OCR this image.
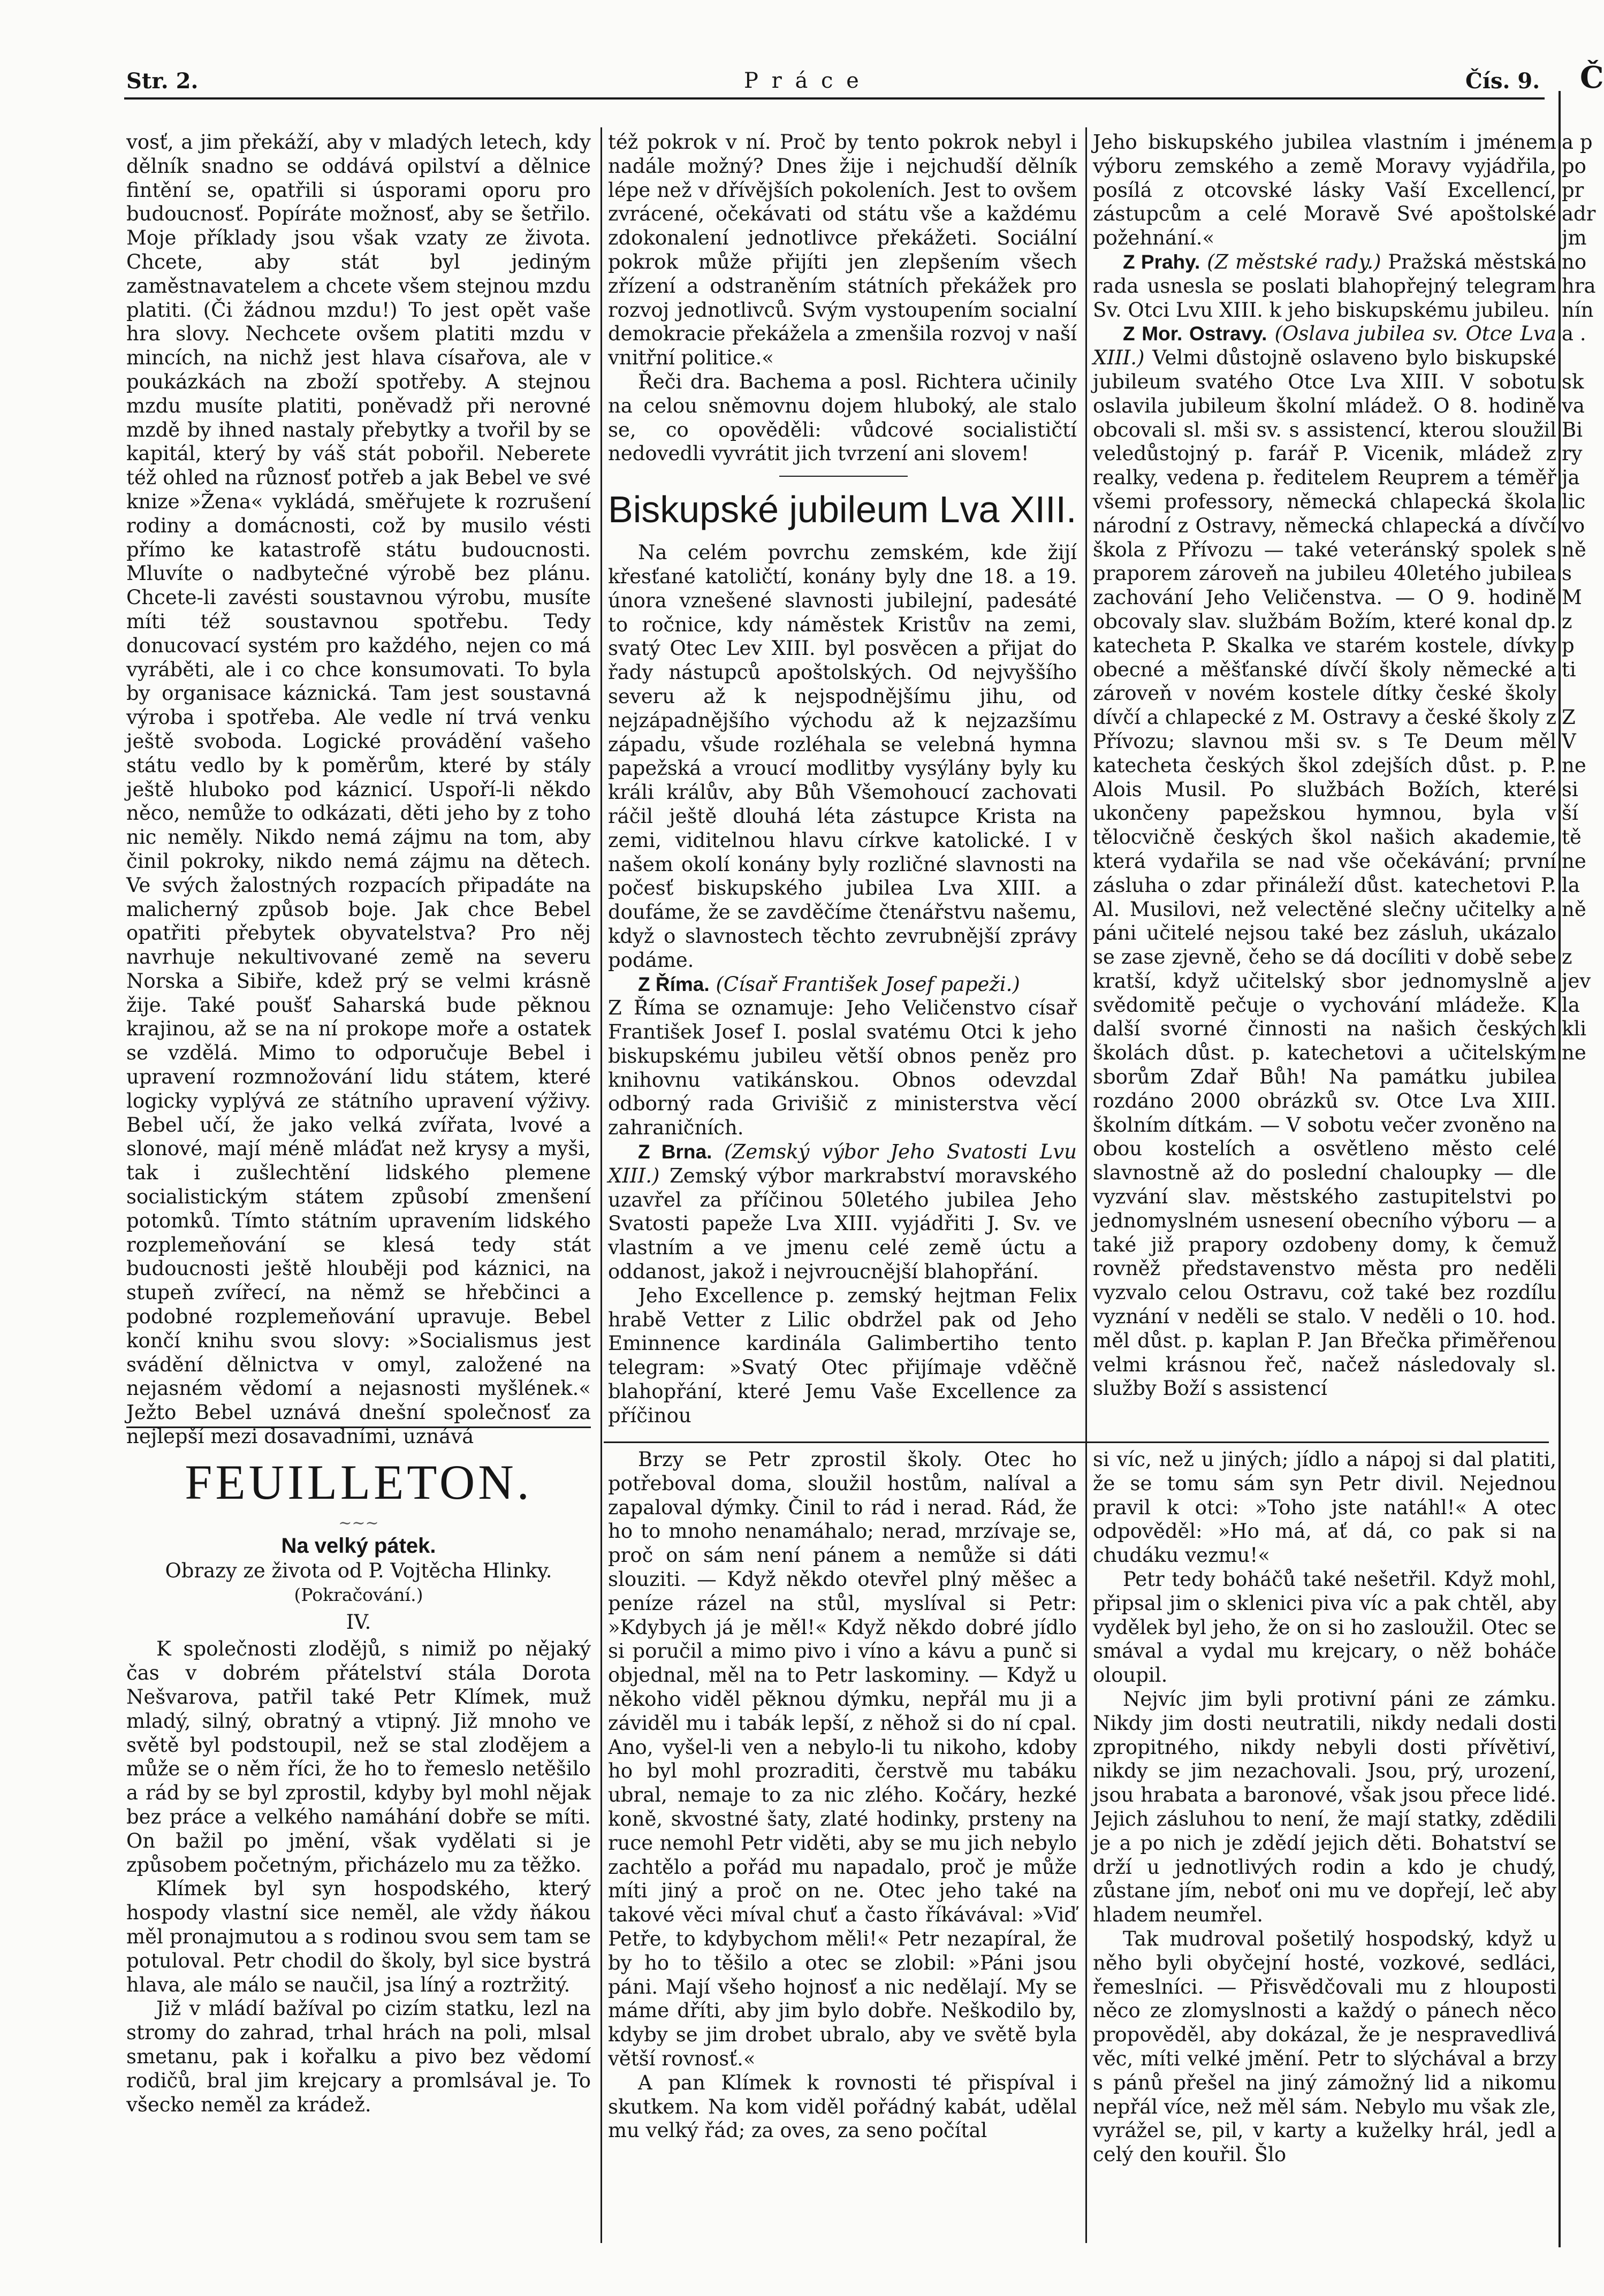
Str. 2.	P r á c e	Čís. 9. Č

vosť, a jim překáží, aby v mladých letech, kdy dělník snadno se oddává opilství a dělnice fintění se, opatřili si úsporami oporu pro budoucnosť. Popíráte možnosť, aby se šetřilo. Moje příklady jsou však vzaty ze života. Chcete, aby stát byl jediným zaměstnavatelem a chcete všem stejnou mzdu platiti. (Či žádnou mzdu!) To jest opět vaše hra slovy. Nechcete ovšem platiti mzdu v mincích, na nichž jest hlava císařova, ale v poukázkách na zboží spotřeby. A stejnou mzdu musíte platiti, poněvadž při nerovné mzdě by ihned nastaly přebytky a tvořil by se kapitál, který by váš stát pobořil. Neberete též ohled na různosť potřeb a jak Bebel ve své knize »Žena« vykládá, směřujete k rozrušení rodiny a domácnosti, což by musilo vésti přímo ke katastrofě státu budoucnosti. Mluvíte o nadbytečné výrobě bez plánu. Chcete-li zavésti soustavnou výrobu, musíte míti též soustavnou spotřebu. Tedy donucovací systém pro každého, nejen co má vyráběti, ale i co chce konsumovati. To byla by organisace káznická. Tam jest soustavná výroba i spotřeba. Ale vedle ní trvá venku ještě svoboda. Logické provádění vašeho státu vedlo by k poměrům, které by stály ještě hluboko pod káznicí. Uspoří-li někdo něco, nemůže to odkázati, děti jeho by z toho nic neměly. Nikdo nemá zájmu na tom, aby činil pokroky, nikdo nemá zájmu na dětech. Ve svých žalostných rozpacích připadáte na malicherný způsob boje. Jak chce Bebel opatřiti přebytek obyvatelstva? Pro něj navrhuje nekultivované země na severu Norska a Sibiře, kdež prý se velmi krásně žije. Také poušť Saharská bude pěknou krajinou, až se na ní prokope moře a ostatek se vzdělá. Mimo to odporučuje Bebel i upravení rozmnožování lidu státem, které logicky vyplývá ze státního upravení výživy. Bebel učí, že jako velká zvířata, lvové a slonové, mají méně mláďat než krysy a myši, tak i zušlechtění lidského plemene socialistickým státem způsobí zmenšení potomků. Tímto státním upravením lidského rozplemeňování se klesá tedy stát budoucnosti ještě hlouběji pod káznici, na stupeň zvířecí, na němž se hřebčinci a podobné rozplemeňování upravuje. Bebel končí knihu svou slovy: »Socialismus jest svádění dělnictva v omyl, založené na nejasném vědomí a nejasnosti myšlének.« Ježto Bebel uznává dnešní společnosť za nejlepší mezi dosavadními, uznává

FEUILLETON.

~~~

Na velký pátek.

Obrazy ze života od P. Vojtěcha Hlinky.

(Pokračování.)

IV.

K společnosti zlodějů, s nimiž po nějaký čas v dobrém přátelství stála Dorota Nešvarova, patřil také Petr Klímek, muž mladý, silný, obratný a vtipný. Již mnoho ve světě byl podstoupil, než se stal zlodějem a může se o něm říci, že ho to řemeslo netěšilo a rád by se byl zprostil, kdyby byl mohl nějak bez práce a velkého namáhání dobře se míti. On bažil po jmění, však vydělati si je způsobem početným, přicházelo mu za těžko.

Klímek byl syn hospodského, který hospody vlastní sice neměl, ale vždy ňákou měl pronajmutou a s rodinou svou sem tam se potuloval. Petr chodil do školy, byl sice bystrá hlava, ale málo se naučil, jsa líný a roztržitý.

Již v mládí bažíval po cizím statku, lezl na stromy do zahrad, trhal hrách na poli, mlsal smetanu, pak i kořalku a pivo bez vědomí rodičů, bral jim krejcary a promlsával je. To všecko neměl za krádež.

též pokrok v ní. Proč by tento pokrok nebyl i nadále možný? Dnes žije i nejchudší dělník lépe než v dřívějších pokoleních. Jest to ovšem zvrácené, očekávati od státu vše a každému zdokonalení jednotlivce překážeti. Sociální pokrok může přijíti jen zlepšením všech zřízení a odstraněním státních překážek pro rozvoj jednotlivců. Svým vystoupením socialní demokracie překážela a zmenšila rozvoj v naší vnitřní politice.«

Řeči dra. Bachema a posl. Richtera učinily na celou sněmovnu dojem hluboký, ale stalo se, co opověděli: vůdcové socialističtí nedovedli vyvrátit jich tvrzení ani slovem!

Biskupské jubileum Lva XIII.

Na celém povrchu zemském, kde žijí křesťané katoličtí, konány byly dne 18. a 19. února vznešené slavnosti jubilejní, padesáté to ročnice, kdy náměstek Kristův na zemi, svatý Otec Lev XIII. byl posvěcen a přijat do řady nástupců apoštolských. Od nejvyššího severu až k nejspodnějšímu jihu, od nejzápadnějšího východu až k nejzazšímu západu, všude rozléhala se velebná hymna papežská a vroucí modlitby vysýlány byly ku králi králův, aby Bůh Všemohoucí zachovati ráčil ještě dlouhá léta zástupce Krista na zemi, viditelnou hlavu církve katolické. I v našem okolí konány byly rozličné slavnosti na počesť biskupského jubilea Lva XIII. a doufáme, že se zavděčíme čtenářstvu našemu, když o slavnostech těchto zevrubnější zprávy podáme.

Z Říma. (Císař František Josef papeži.)

Z Říma se oznamuje: Jeho Veličenstvo císař František Josef I. poslal svatému Otci k jeho biskupskému jubileu větší obnos peněz pro knihovnu vatikánskou. Obnos odevzdal odborný rada Grivišič z ministerstva věcí zahraničních.

Z Brna. (Zemský výbor Jeho Svatosti Lvu XIII.) Zemský výbor markrabství moravského uzavřel za příčinou 50letého jubilea Jeho Svatosti papeže Lva XIII. vyjádřiti J. Sv. ve vlastním a ve jmenu celé země úctu a oddanost, jakož i nejvroucnější blahopřání.

Jeho Excellence p. zemský hejtman Felix hrabě Vetter z Lilic obdržel pak od Jeho Eminnence kardinála Galimbertiho tento telegram: »Svatý Otec přijímaje vděčně blahopřání, které Jemu Vaše Excellence za příčinou

Jeho biskupského jubilea vlastním i jménem výboru zemského a země Moravy vyjádřila, posílá z otcovské lásky Vaší Excellencí, zástupcům a celé Moravě Své apoštolské požehnání.«

Z Prahy. (Z městské rady.) Pražská městská rada usnesla se poslati blahopřejný telegram Sv. Otci Lvu XIII. k jeho biskupskému jubileu.

Z Mor. Ostravy. (Oslava jubilea sv. Otce Lva XIII.) Velmi důstojně oslaveno bylo biskupské jubileum svatého Otce Lva XIII. V sobotu oslavila jubileum školní mládež. O 8. hodině obcovali sl. mši sv. s assistencí, kterou sloužil veledůstojný p. farář P. Vicenik, mládež z realky, vedena p. ředitelem Reuprem a téměř všemi professory, německá chlapecká škola národní z Ostravy, německá chlapecká a dívčí škola z Přívozu — také veteránský spolek s praporem zároveň na jubileu 40letého jubilea zachování Jeho Veličenstva. — O 9. hodině obcovaly slav. službám Božím, které konal dp. katecheta P. Skalka ve starém kostele, dívky obecné a měšťanské dívčí školy německé a zároveň v novém kostele dítky české školy dívčí a chlapecké z M. Ostravy a české školy z Přívozu; slavnou mši sv. s Te Deum měl katecheta českých škol zdejších důst. p. P. Alois Musil. Po službách Božích, které ukončeny papežskou hymnou, byla v tělocvičně českých škol našich akademie, která vydařila se nad vše očekávání; první zásluha o zdar přináleží důst. katechetovi P. Al. Musilovi, než velectěné slečny učitelky a páni učitelé nejsou také bez zásluh, ukázalo se zase zjevně, čeho se dá docíliti v době sebe kratší, když učitelský sbor jednomyslně a svědomitě pečuje o vychování mládeže. K další svorné činnosti na našich českých školách důst. p. katechetovi a učitelským sborům Zdař Bůh! Na památku jubilea rozdáno 2000 obrázků sv. Otce Lva XIII. školním dítkám. — V sobotu večer zvoněno na obou kostelích a osvětleno město celé slavnostně až do poslední chaloupky — dle vyzvání slav. městského zastupitelstvi po jednomyslném usnesení obecního výboru — a také již prapory ozdobeny domy, k čemuž rovněž představenstvo města pro neděli vyzvalo celou Ostravu, což také bez rozdílu vyznání v neděli se stalo. V neděli o 10. hod. měl důst. p. kaplan P. Jan Břečka přiměřenou velmi krásnou řeč, načež následovaly sl. služby Boží s assistencí

Brzy se Petr zprostil školy. Otec ho potřeboval doma, sloužil hostům, nalíval a zapaloval dýmky. Činil to rád i nerad. Rád, že ho to mnoho nenamáhalo; nerad, mrzívaje se, proč on sám není pánem a nemůže si dáti slouziti. — Když někdo otevřel plný měšec a peníze rázel na stůl, myslíval si Petr: »Kdybych já je měl!« Když někdo dobré jídlo si poručil a mimo pivo i víno a kávu a punč si objednal, měl na to Petr laskominy. — Když u někoho viděl pěknou dýmku, nepřál mu ji a záviděl mu i tabák lepší, z něhož si do ní cpal. Ano, vyšel-li ven a nebylo-li tu nikoho, kdoby ho byl mohl prozraditi, čerstvě mu tabáku ubral, nemaje to za nic zlého. Kočáry, hezké koně, skvostné šaty, zlaté hodinky, prsteny na ruce nemohl Petr viděti, aby se mu jich nebylo zachtělo a pořád mu napadalo, proč je může míti jiný a proč on ne. Otec jeho také na takové věci míval chuť a často říkávával: »Viď Petře, to kdybychom měli!« Petr nezapíral, že by ho to těšilo a otec se zlobil: »Páni jsou páni. Mají všeho hojnosť a nic nedělají. My se máme dříti, aby jim bylo dobře. Neškodilo by, kdyby se jim drobet ubralo, aby ve světě byla větší rovnosť.«

A pan Klímek k rovnosti té přispíval i skutkem. Na kom viděl pořádný kabát, udělal mu velký řád; za oves, za seno počítal

si víc, než u jiných; jídlo a nápoj si dal platiti, že se tomu sám syn Petr divil. Nejednou pravil k otci: »Toho jste natáhl!« A otec odpověděl: »Ho má, ať dá, co pak si na chudáku vezmu!«

Petr tedy boháčů také nešetřil. Když mohl, připsal jim o sklenici piva víc a pak chtěl, aby vydělek byl jeho, že on si ho zasloužil. Otec se smával a vydal mu krejcary, o něž boháče oloupil.

Nejvíc jim byli protivní páni ze zámku. Nikdy jim dosti neutratili, nikdy nedali dosti zpropitného, nikdy nebyli dosti přívětiví, nikdy se jim nezachovali. Jsou, prý, urození, jsou hrabata a baronové, však jsou přece lidé. Jejich zásluhou to není, že mají statky, zdědili je a po nich je zdědí jejich děti. Bohatství se drží u jednotlivých rodin a kdo je chudý, zůstane jím, neboť oni mu ve dopřejí, leč aby hladem neumřel.

Tak mudroval pošetilý hospodský, když u něho byli obyčejní hosté, vozkové, sedláci, řemeslníci. — Přisvědčovali mu z hlouposti něco ze zlomyslnosti a každý o pánech něco propověděl, aby dokázal, že je nespravedlivá věc, míti velké jmění. Petr to slýchával a brzy s pánů přešel na jiný zámožný lid a nikomu nepřál více, než měl sám. Nebylo mu však zle, vyrážel se, pil, v karty a kuželky hrál, jedl a celý den kouřil. Šlo

a p
po
pr
adr
jm
no
hra
nín
a .

sk
va
Bi
ry
ja
lic
vo
ně
s
M
z
p
ti

Z
V
ne
si
ší
tě
ne
la
ně

z
jev
la
kli
ne
